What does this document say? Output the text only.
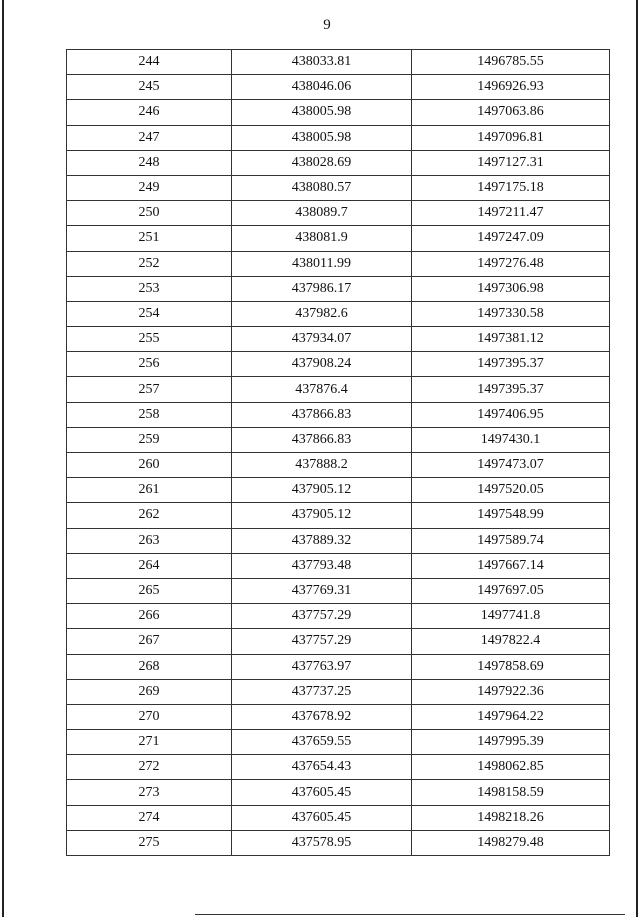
9
244	438033.81	1496785.55
245	438046.06	1496926.93
246	438005.98	1497063.86
247	438005.98	1497096.81
248	438028.69	1497127.31
249	438080.57	1497175.18
250	438089.7	1497211.47
251	438081.9	1497247.09
252	438011.99	1497276.48
253	437986.17	1497306.98
254	437982.6	1497330.58
255	437934.07	1497381.12
256	437908.24	1497395.37
257	437876.4	1497395.37
258	437866.83	1497406.95
259	437866.83	1497430.1
260	437888.2	1497473.07
261	437905.12	1497520.05
262	437905.12	1497548.99
263	437889.32	1497589.74
264	437793.48	1497667.14
265	437769.31	1497697.05
266	437757.29	1497741.8
267	437757.29	1497822.4
268	437763.97	1497858.69
269	437737.25	1497922.36
270	437678.92	1497964.22
271	437659.55	1497995.39
272	437654.43	1498062.85
273	437605.45	1498158.59
274	437605.45	1498218.26
275	437578.95	1498279.48
